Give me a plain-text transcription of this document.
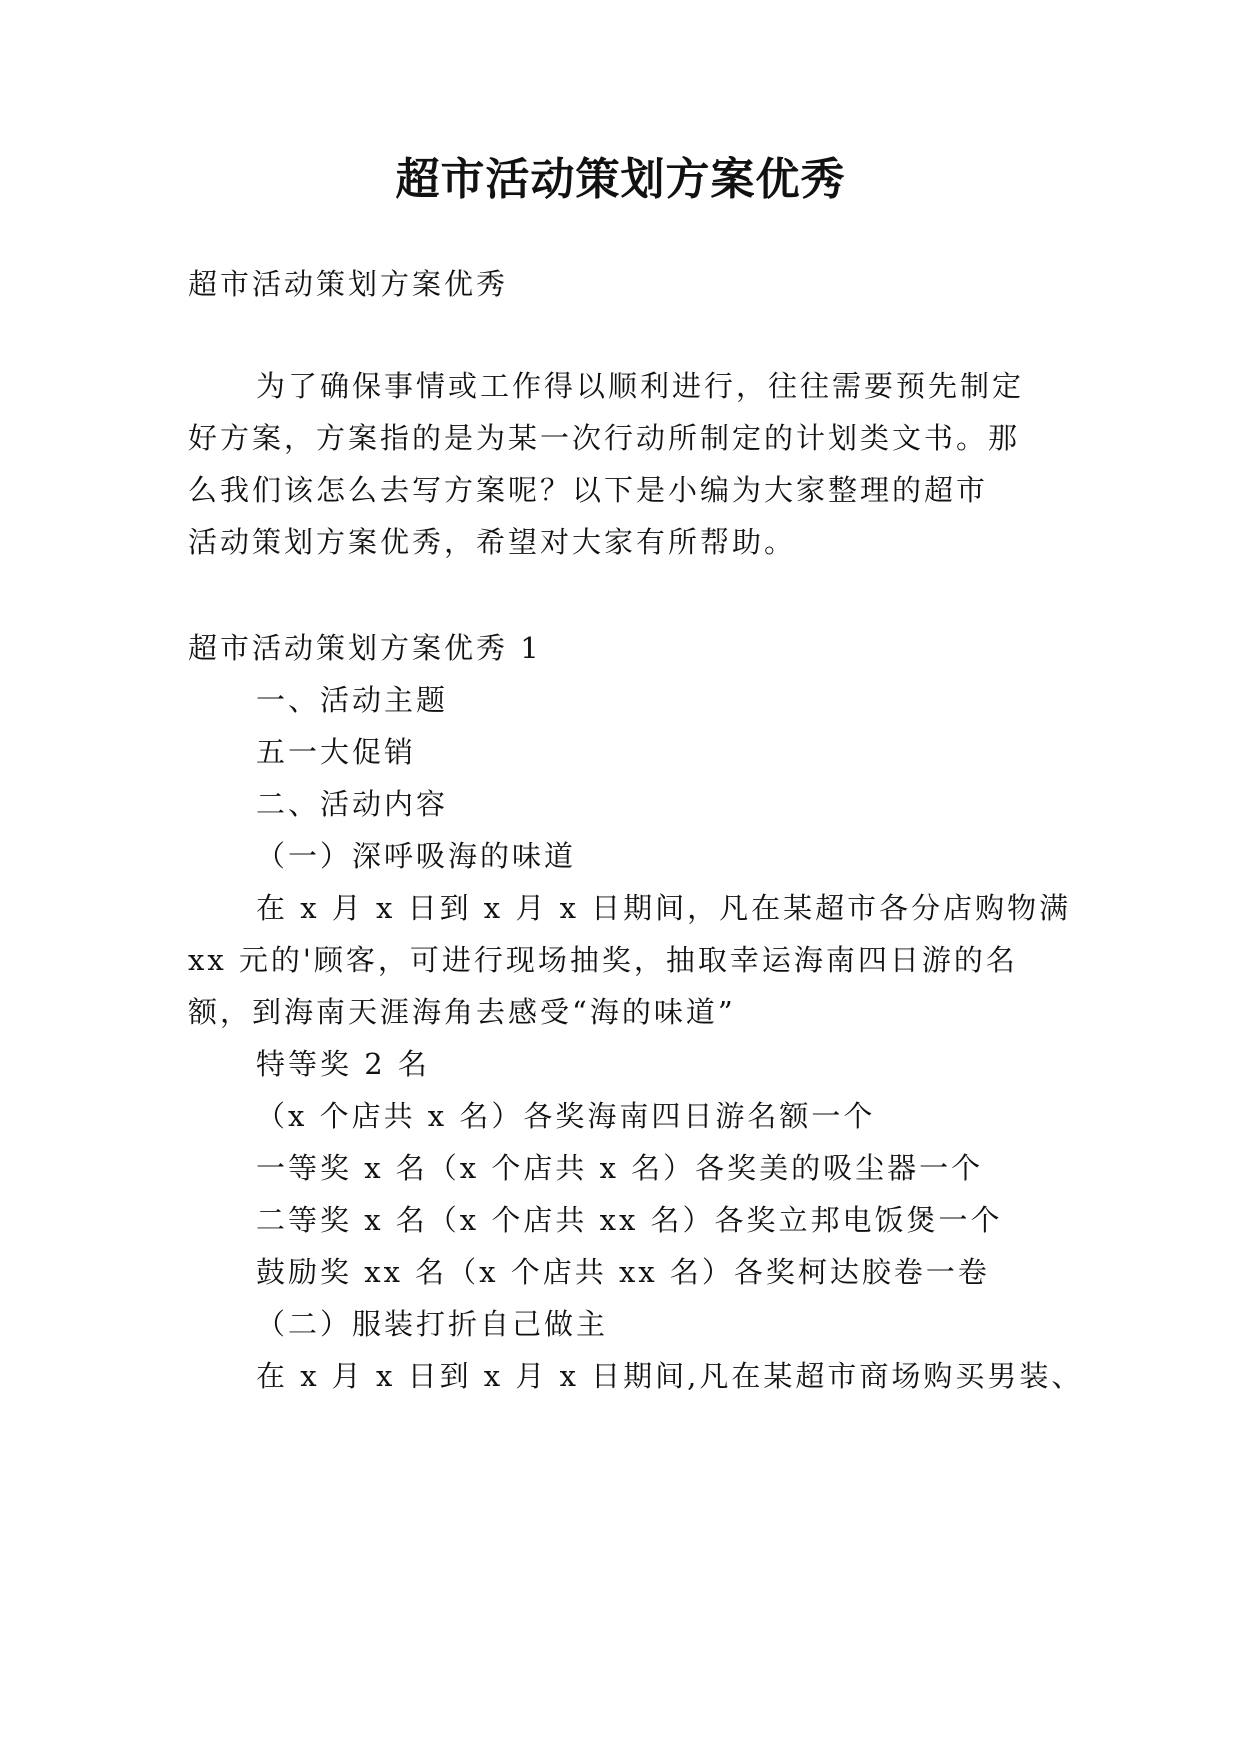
超市活动策划方案优秀
超市活动策划方案优秀
为了确保事情或工作得以顺利进行，往往需要预先制定
好方案，方案指的是为某一次行动所制定的计划类文书。那
么我们该怎么去写方案呢？以下是小编为大家整理的超市
活动策划方案优秀，希望对大家有所帮助。
超市活动策划方案优秀 1
一、活动主题
五一大促销
二、活动内容
（一）深呼吸海的味道
在 x 月 x 日到 x 月 x 日期间，凡在某超市各分店购物满
xx 元的'顾客，可进行现场抽奖，抽取幸运海南四日游的名
额，到海南天涯海角去感受“海的味道”
特等奖 2 名
（x 个店共 x 名）各奖海南四日游名额一个
一等奖 x 名（x 个店共 x 名）各奖美的吸尘器一个
二等奖 x 名（x 个店共 xx 名）各奖立邦电饭煲一个
鼓励奖 xx 名（x 个店共 xx 名）各奖柯达胶卷一卷
（二）服装打折自己做主
在 x 月 x 日到 x 月 x 日期间,凡在某超市商场购买男装、
